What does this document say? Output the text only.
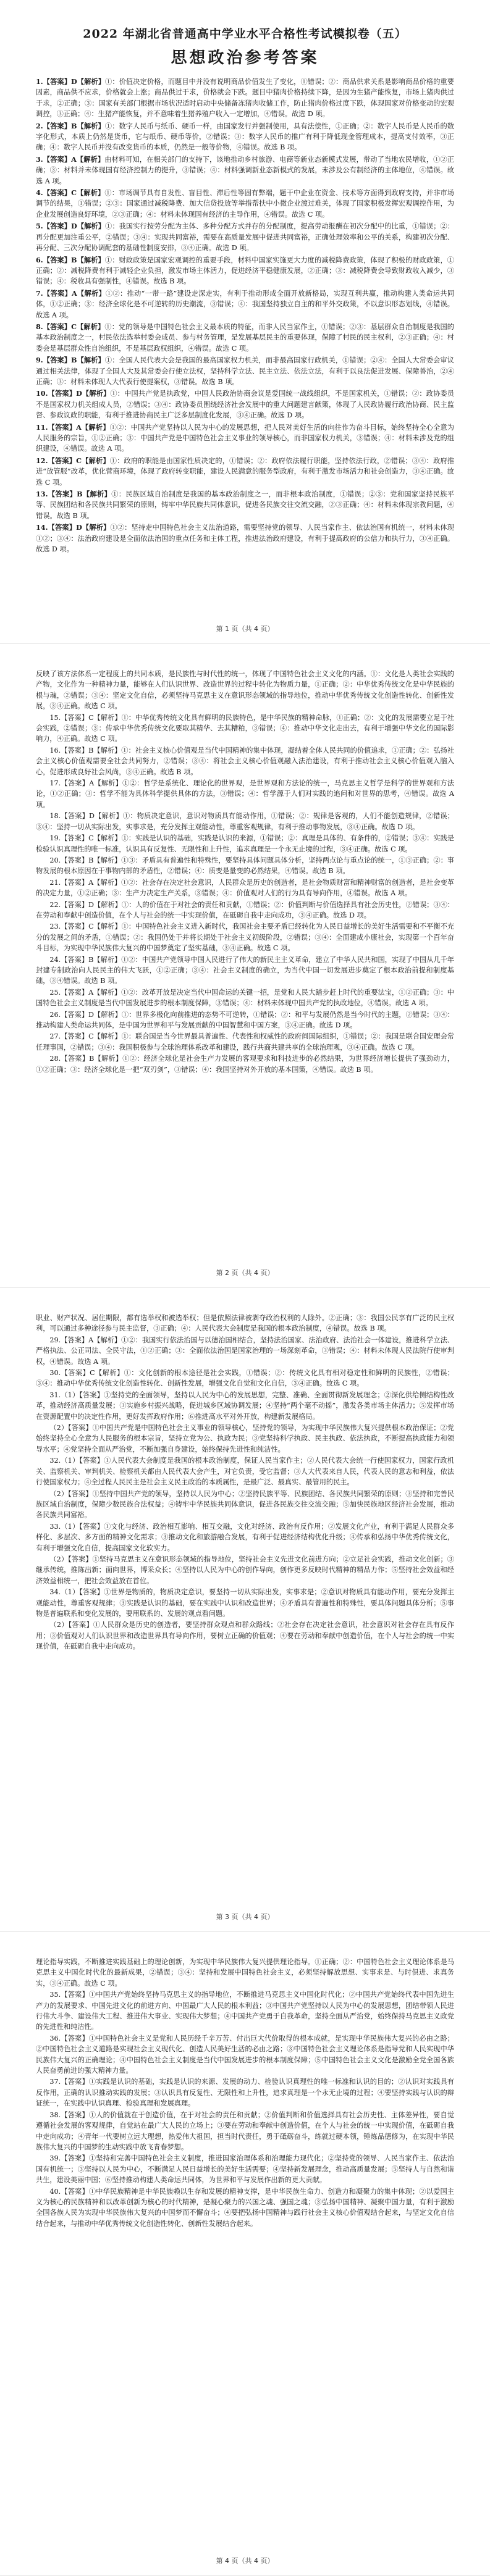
2022 年湖北省普通高中学业水平合格性考试模拟卷（五）
思想政治参考答案

1.【答案】D【解析】①：价值决定价格，而题目中并没有说明商品价值发生了变化，①错误；②：商品供求关系是影响商品价格的重要因素，商品供不应求，价格就会上涨；商品供过于求，价格就会下跌。题目中猪肉价格持续下降，是因为生猪产能恢复，市场上猪肉供过于求，②正确；③：国家有关部门根据市场状况适时启动中央储备冻猪肉收储工作，防止猪肉价格过度下跌，体现国家对价格变动的宏观调控，③正确；④：生猪产能恢复，并不意味着生猪养殖户收入一定增加，④错误。故选 D 项。

2.【答案】B【解析】①：数字人民币与纸币、硬币一样，由国家发行并强制使用，具有法偿性，①正确；②：数字人民币是人民币的数字化形式，本质上仍然是货币，它与纸币、硬币等价，②错误；③：数字人民币的推广有利于降低现金管理成本，提高支付效率，③正确；④：数字人民币并没有改变货币的本质，仍然是一般等价物，④错误。故选 B 项。

3.【答案】A【解析】由材料可知，在相关部门的支持下，该地推动乡村旅游、电商等新业态新模式发展，带动了当地农民增收，①②正确；③：材料并未体现国有经济控制力的提升，③错误；④：材料强调新业态新模式的发展，未涉及公有制经济的主体地位，④错误。故选 A 项。

4.【答案】C【解析】①：市场调节具有自发性、盲目性、滞后性等固有弊端，题干中企业在资金、技术等方面得到政府支持，并非市场调节的结果，①错误；②③：国家通过减税降费、加大信贷投放等举措帮扶中小微企业渡过难关，体现了国家积极发挥宏观调控作用，为企业发展创造良好环境，②③正确；④：材料未体现国有经济的主导作用，④错误。故选 C 项。

5.【答案】D【解析】①：我国实行按劳分配为主体、多种分配方式并存的分配制度，提高劳动报酬在初次分配中的比重，①错误；②：再分配更加注重公平，②错误；③④：实现共同富裕，需要在高质量发展中促进共同富裕，正确处理效率和公平的关系，构建初次分配、再分配、三次分配协调配套的基础性制度安排，③④正确。故选 D 项。

6.【答案】B【解析】①：财政政策是国家宏观调控的重要手段，材料中国家实施更大力度的减税降费政策，体现了积极的财政政策，①正确；②：减税降费有利于减轻企业负担，激发市场主体活力，促进经济平稳健康发展，②正确；③：减税降费会导致财政收入减少，③错误；④：税收具有强制性，④错误。故选 B 项。

7.【答案】A【解析】①②：推动“一带一路”建设走深走实，有利于推动形成全面开放新格局，实现互利共赢，推动构建人类命运共同体，①②正确；③：经济全球化是不可逆转的历史潮流，③错误；④：我国坚持独立自主的和平外交政策，不以意识形态划线，④错误。故选 A 项。

8.【答案】C【解析】①：党的领导是中国特色社会主义最本质的特征，而非人民当家作主，①错误；②③：基层群众自治制度是我国的基本政治制度之一，村民依法选举村委会成员、参与村务管理，是发展基层民主的重要体现，保障了村民的民主权利，②③正确；④：村委会是基层群众性自治组织，不是基层政权组织，④错误。故选 C 项。

9.【答案】B【解析】①：全国人民代表大会是我国的最高国家权力机关，而非最高国家行政机关，①错误；②④：全国人大常委会审议通过相关法律，体现了全国人大及其常委会行使立法权，坚持科学立法、民主立法、依法立法，有利于以良法促进发展、保障善治，②④正确；③：材料未体现人大代表行使提案权，③错误。故选 B 项。

10.【答案】D【解析】①：中国共产党是执政党，中国人民政治协商会议是爱国统一战线组织，不是国家机关，①错误；②：政协委员不是国家权力机关组成人员，②错误；③④：政协委员围绕经济社会发展中的重大问题建言献策，体现了人民政协履行政治协商、民主监督、参政议政的职能，有利于推进协商民主广泛多层制度化发展，③④正确。故选 D 项。

11.【答案】A【解析】①②：中国共产党坚持以人民为中心的发展思想，把人民对美好生活的向往作为奋斗目标，始终坚持全心全意为人民服务的宗旨，①②正确；③：中国共产党是中国特色社会主义事业的领导核心，而非国家权力机关，③错误；④：材料未涉及党的组织建设，④错误。故选 A 项。

12.【答案】C【解析】①：政府的职能是由国家性质决定的，①错误；②：政府依法履行职能，坚持依法行政，②错误；③④：政府推进“放管服”改革，优化营商环境，体现了政府转变职能，建设人民满意的服务型政府，有利于激发市场活力和社会创造力，③④正确。故选 C 项。

13.【答案】B【解析】①：民族区域自治制度是我国的基本政治制度之一，而非根本政治制度，①错误；②③：党和国家坚持民族平等、民族团结和各民族共同繁荣的原则，铸牢中华民族共同体意识，促进各民族交往交流交融，②③正确；④：材料未体现宗教问题，④错误。故选 B 项。

14.【答案】D【解析】①②：坚持走中国特色社会主义法治道路，需要坚持党的领导、人民当家作主、依法治国有机统一，材料未体现①②；③④：法治政府建设是全面依法治国的重点任务和主体工程，推进法治政府建设，有利于提高政府的公信力和执行力，③④正确。故选 D 项。

第 1 页（共 4 页）

反映了该方法体系一定程度上的共同本质，是民族性与时代性的统一，体现了中国特色社会主义文化的内涵。①：文化是人类社会实践的产物，文化作为一种精神力量，能够在人们认识世界、改造世界的过程中转化为物质力量，①正确；②：中华优秀传统文化是中华民族的根与魂，②错误；③④：坚定文化自信，必须坚持马克思主义在意识形态领域的指导地位，推动中华优秀传统文化创造性转化、创新性发展，③④正确。故选 C 项。

15.【答案】C【解析】①：中华优秀传统文化具有鲜明的民族特色，是中华民族的精神命脉，①正确；②：文化的发展需要立足于社会实践，②错误；③：传承中华优秀传统文化要取其精华、去其糟粕，③错误；④：推动中华文化走出去，有利于增强中华文化的国际影响力，④正确。故选 C 项。

16.【答案】B【解析】①：社会主义核心价值观是当代中国精神的集中体现，凝结着全体人民共同的价值追求，①正确；②：弘扬社会主义核心价值观需要全社会共同努力，②错误；③④：将社会主义核心价值观融入法治建设，有利于推动社会主义核心价值观入脑入心，促进形成良好社会风尚，③④正确。故选 B 项。

17.【答案】A【解析】①②：哲学是系统化、理论化的世界观，是世界观和方法论的统一，马克思主义哲学是科学的世界观和方法论，①②正确；③：哲学不能为具体科学提供具体的方法，③错误；④：哲学源于人们对实践的追问和对世界的思考，④错误。故选 A 项。

18.【答案】D【解析】①：物质决定意识，意识对物质具有能动作用，①错误；②：规律是客观的，人们不能创造规律，②错误；③④：坚持一切从实际出发，实事求是，充分发挥主观能动性，尊重客观规律，有利于推动事物发展，③④正确。故选 D 项。

19.【答案】C【解析】①：实践是认识的基础，实践是认识的来源，①错误；②：真理是具体的、有条件的，②错误；③④：实践是检验认识真理性的唯一标准，认识具有反复性、无限性和上升性，追求真理是一个永无止境的过程，③④正确。故选 C 项。

20.【答案】B【解析】①③：矛盾具有普遍性和特殊性，要坚持具体问题具体分析，坚持两点论与重点论的统一，①③正确；②：事物发展的根本原因在于事物内部的矛盾性，②错误；④：质变是量变的必然结果，④错误。故选 B 项。

21.【答案】A【解析】①②：社会存在决定社会意识，人民群众是历史的创造者，是社会物质财富和精神财富的创造者，是社会变革的决定力量，①②正确；③：生产力决定生产关系，③错误；④：价值观对人们的行为具有导向作用，④错误。故选 A 项。

22.【答案】D【解析】①：人的价值在于对社会的责任和贡献，①错误；②：价值判断与价值选择具有社会历史性，②错误；③④：在劳动和奉献中创造价值，在个人与社会的统一中实现价值，在砥砺自我中走向成功，③④正确。故选 D 项。

23.【答案】C【解析】①：中国特色社会主义进入新时代，我国社会主要矛盾已经转化为人民日益增长的美好生活需要和不平衡不充分的发展之间的矛盾，①错误；②：我国仍处于并将长期处于社会主义初级阶段，②错误；③④：全面建成小康社会，实现第一个百年奋斗目标，为实现中华民族伟大复兴的中国梦奠定了坚实基础，③④正确。故选 C 项。

24.【答案】B【解析】①②：中国共产党领导中国人民进行了伟大的新民主主义革命，建立了中华人民共和国，实现了中国从几千年封建专制政治向人民民主的伟大飞跃，①②正确；③④：社会主义制度的确立，为当代中国一切发展进步奠定了根本政治前提和制度基础，③④错误。故选 B 项。

25.【答案】A【解析】①②：改革开放是决定当代中国命运的关键一招，是党和人民大踏步赶上时代的重要法宝，①②正确；③：中国特色社会主义制度是当代中国发展进步的根本制度保障，③错误；④：材料未体现中国共产党的执政地位，④错误。故选 A 项。

26.【答案】D【解析】①：世界多极化向前推进的态势不可逆转，①错误；②：和平与发展仍然是当今时代的主题，②错误；③④：推动构建人类命运共同体，是中国为世界和平与发展贡献的中国智慧和中国方案，③④正确。故选 D 项。

27.【答案】C【解析】①：联合国是当今世界最具普遍性、代表性和权威性的政府间国际组织，①错误；②：我国是联合国安理会常任理事国，②错误；③④：我国积极参与全球治理体系改革和建设，践行共商共建共享的全球治理观，③④正确。故选 C 项。

28.【答案】B【解析】①②：经济全球化是社会生产力发展的客观要求和科技进步的必然结果，为世界经济增长提供了强劲动力，①②正确；③：经济全球化是一把“双刃剑”，③错误；④：我国坚持对外开放的基本国策，④错误。故选 B 项。

第 2 页（共 4 页）

职业、财产状况、居住期限，都有选举权和被选举权；但是依照法律被剥夺政治权利的人除外。②正确；③：我国公民享有广泛的民主权利，可以通过多种途径参与民主监督，③正确；④：人民代表大会制度是我国的根本政治制度，④错误。故选 B 项。

29.【答案】A【解析】①②：我国实行依法治国与以德治国相结合，坚持法治国家、法治政府、法治社会一体建设，推进科学立法、严格执法、公正司法、全民守法，①②正确；③：全面依法治国是国家治理的一场深刻革命，③错误；④：材料未体现人民法院行使审判权，④错误。故选 A 项。

30.【答案】C【解析】①：文化创新的根本途径是社会实践，①错误；②：传统文化具有相对稳定性和鲜明的民族性，②错误；③④：推动中华优秀传统文化创造性转化、创新性发展，增强文化自觉和文化自信，③④正确。故选 C 项。

31.（1）【答案】①坚持党的全面领导，坚持以人民为中心的发展思想，完整、准确、全面贯彻新发展理念；②深化供给侧结构性改革，推动经济高质量发展；③实施乡村振兴战略，促进城乡区域协调发展；④坚持“两个毫不动摇”，激发各类市场主体活力；⑤发挥市场在资源配置中的决定性作用，更好发挥政府作用；⑥推进高水平对外开放，构建新发展格局。

（2）【答案】①中国共产党是中国特色社会主义事业的领导核心，坚持党的领导，为实现中华民族伟大复兴提供根本政治保证；②党始终坚持全心全意为人民服务的根本宗旨，坚持立党为公、执政为民；③党坚持科学执政、民主执政、依法执政，不断提高执政能力和领导水平；④党坚持全面从严治党，不断加强自身建设，始终保持先进性和纯洁性。

32.（1）【答案】①人民代表大会制度是我国的根本政治制度，保证人民当家作主；②人民代表大会统一行使国家权力，国家行政机关、监察机关、审判机关、检察机关都由人民代表大会产生，对它负责，受它监督；③人大代表来自人民，代表人民的意志和利益，依法行使国家权力；④全过程人民民主是社会主义民主政治的本质属性，是最广泛、最真实、最管用的民主。

（2）【答案】①坚持中国共产党的领导，坚持以人民为中心；②坚持民族平等、民族团结、各民族共同繁荣的原则；③坚持和完善民族区域自治制度，保障少数民族合法权益；④铸牢中华民族共同体意识，促进各民族交往交流交融；⑤加快民族地区经济社会发展，推动各民族共同富裕。

33.（1）【答案】①文化与经济、政治相互影响、相互交融，文化对经济、政治有反作用；②发展文化产业，有利于满足人民群众多样化、多层次、多方面的精神文化需求；③推动文化和旅游融合发展，有利于促进经济结构优化升级；④传承和弘扬中华优秀传统文化，有利于增强文化自信，提高国家文化软实力。

（2）【答案】①坚持马克思主义在意识形态领域的指导地位，坚持社会主义先进文化前进方向；②立足社会实践，推动文化创新；③继承传统，推陈出新；面向世界，博采众长；④坚持以人民为中心的创作导向，创作更多反映时代精神的精品力作；⑤坚持社会效益和经济效益相统一，把社会效益放在首位。

34.（1）【答案】①世界是物质的，物质决定意识，要坚持一切从实际出发，实事求是；②意识对物质具有能动作用，要充分发挥主观能动性，尊重客观规律；③实践是认识的基础，要在实践中认识和改造世界；④矛盾具有普遍性和特殊性，要具体问题具体分析；⑤事物是普遍联系和变化发展的，要用联系的、发展的观点看问题。

（2）【答案】①人民群众是历史的创造者，要坚持群众观点和群众路线；②社会存在决定社会意识，社会意识对社会存在具有反作用；③价值观对人们认识世界和改造世界具有导向作用，要树立正确的价值观；④要在劳动和奉献中创造价值，在个人与社会的统一中实现价值，在砥砺自我中走向成功。

第 3 页（共 4 页）

理论指导实践，不断推进实践基础上的理论创新，为实现中华民族伟大复兴提供理论指导。①正确；②：中国特色社会主义理论体系是马克思主义中国化时代化的最新成果，②错误；③④：坚持和发展中国特色社会主义，必须坚持解放思想、实事求是、与时俱进、求真务实，③④正确。故选 C 项。

35.【答案】①中国共产党始终坚持马克思主义的指导地位，不断推进马克思主义中国化时代化；②中国共产党始终代表中国先进生产力的发展要求、中国先进文化的前进方向、中国最广大人民的根本利益；③中国共产党坚持以人民为中心的发展思想，团结带领人民进行伟大斗争、建设伟大工程、推进伟大事业、实现伟大梦想；④中国共产党勇于自我革命，坚持全面从严治党，始终保持马克思主义政党的先进性和纯洁性。

36.【答案】①中国特色社会主义是党和人民历经千辛万苦、付出巨大代价取得的根本成就，是实现中华民族伟大复兴的必由之路；②中国特色社会主义道路是实现社会主义现代化、创造人民美好生活的必由之路；③中国特色社会主义理论体系是指导党和人民实现中华民族伟大复兴的正确理论；④中国特色社会主义制度是当代中国发展进步的根本制度保障；⑤中国特色社会主义文化是激励全党全国各族人民奋勇前进的强大精神力量。

37.【答案】①实践是认识的基础，实践是认识的来源、发展的动力、检验认识真理性的唯一标准和认识的目的；②认识对实践具有反作用，正确的认识推动实践的发展；③认识具有反复性、无限性和上升性，追求真理是一个永无止境的过程；④要坚持实践与认识的辩证统一，在实践中认识真理、检验真理和发展真理。

38.【答案】①人的价值就在于创造价值，在于对社会的责任和贡献；②价值判断和价值选择具有社会历史性、主体差异性，要自觉遵循社会发展的客观规律，自觉站在最广大人民的立场上；③要在劳动和奉献中创造价值，在个人与社会的统一中实现价值，在砥砺自我中走向成功；④青年一代要树立远大理想，热爱伟大祖国，担当时代责任，勇于砥砺奋斗，练就过硬本领，锤炼品德修为，在实现中华民族伟大复兴的中国梦的生动实践中放飞青春梦想。

39.【答案】①坚持和完善中国特色社会主义制度，推进国家治理体系和治理能力现代化；②坚持党的领导、人民当家作主、依法治国有机统一；③坚持以人民为中心，不断满足人民日益增长的美好生活需要；④坚持新发展理念，推动高质量发展；⑤坚持人与自然和谐共生，建设美丽中国；⑥坚持推动构建人类命运共同体，为世界和平与发展作出新的更大贡献。

40.【答案】①中华民族精神是中华民族赖以生存和发展的精神支撑，是中华民族生命力、创造力和凝聚力的集中体现；②以爱国主义为核心的民族精神和以改革创新为核心的时代精神，是凝心聚力的兴国之魂、强国之魂；③弘扬中国精神、凝聚中国力量，有利于激励全国各族人民为实现中华民族伟大复兴的中国梦而不懈奋斗；④要把弘扬中国精神与践行社会主义核心价值观结合起来，与坚定文化自信结合起来，与推动中华优秀传统文化创造性转化、创新性发展结合起来。

第 4 页（共 4 页）
